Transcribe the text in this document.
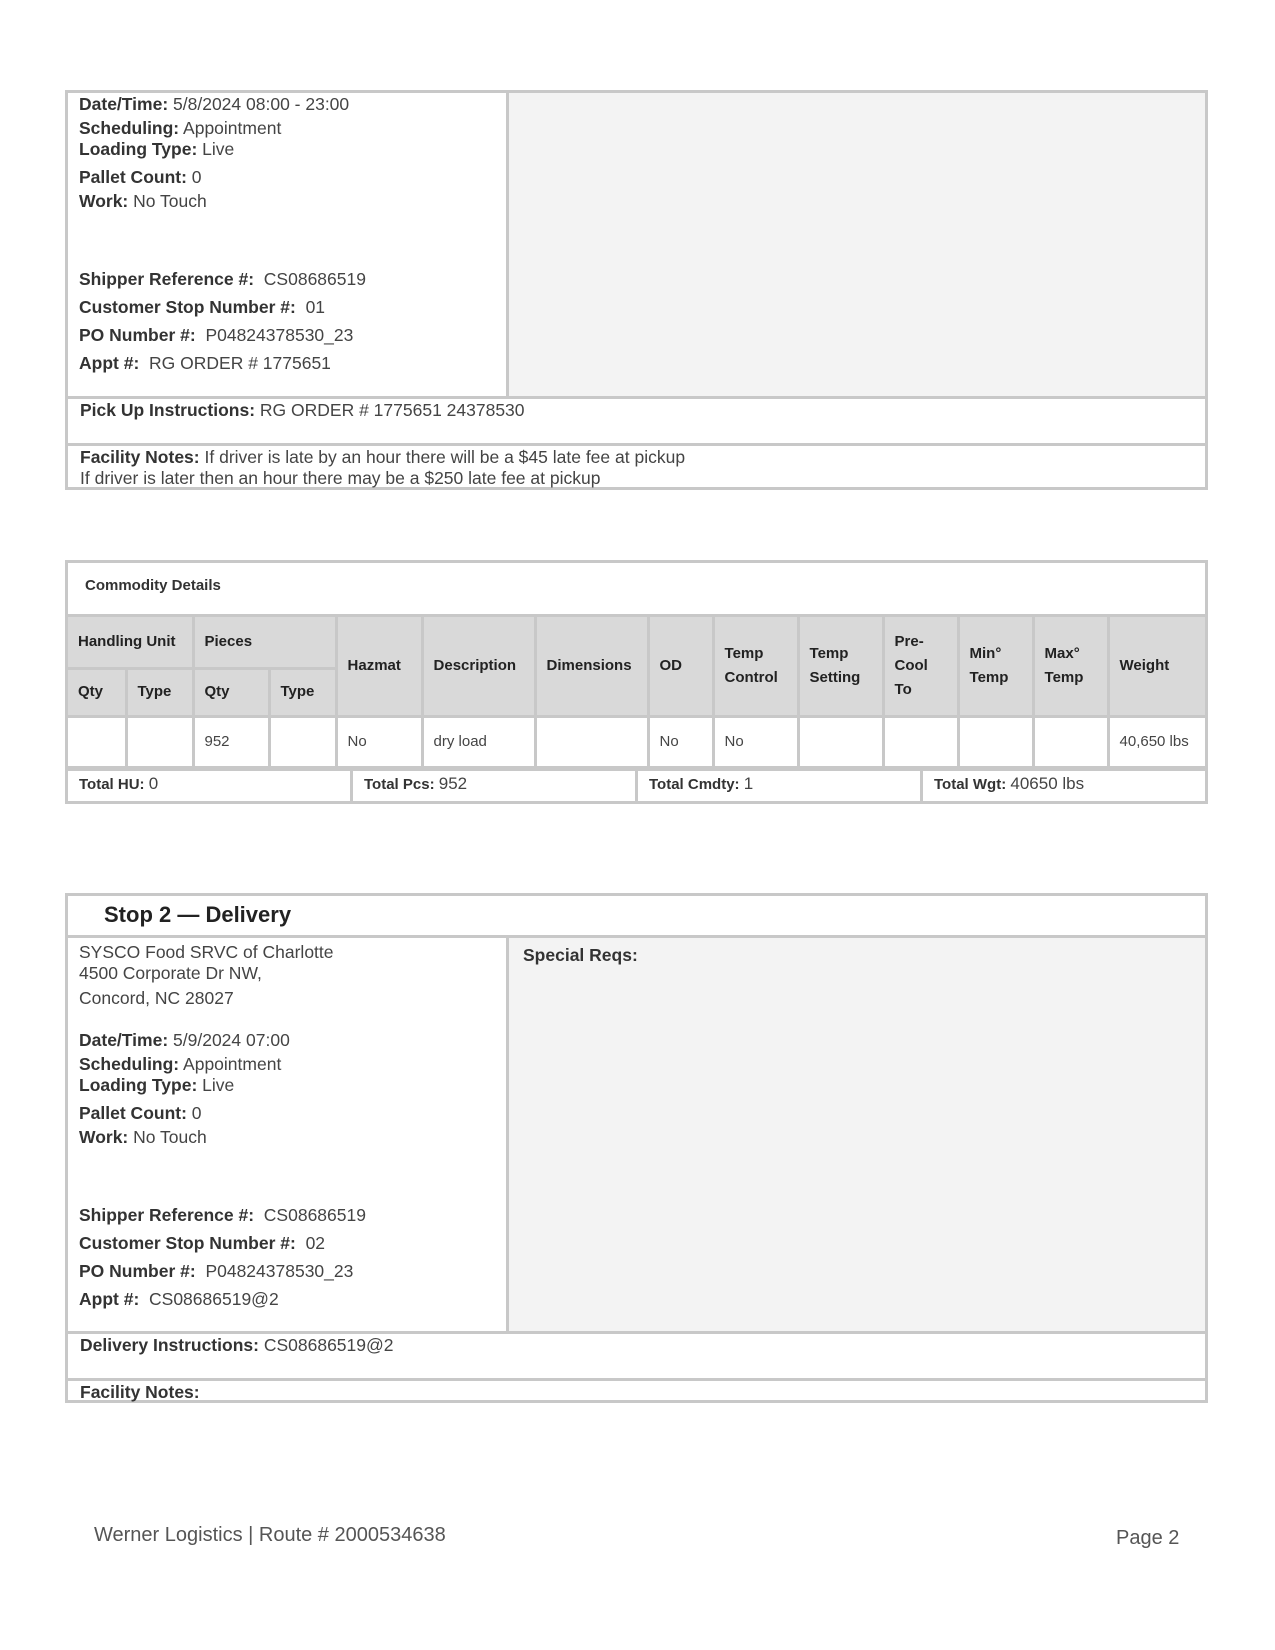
Date/Time: 5/8/2024 08:00 - 23:00
Scheduling: Appointment
Loading Type: Live
Pallet Count: 0
Work: No Touch
Shipper Reference #: CS08686519
Customer Stop Number #: 01
PO Number #: P04824378530_23
Appt #: RG ORDER # 1775651
Pick Up Instructions: RG ORDER # 1775651 24378530
Facility Notes: If driver is late by an hour there will be a $45 late fee at pickup
If driver is later then an hour there may be a $250 late fee at pickup
Commodity Details
Handling Unit		Pieces		Hazmat	Description	Dimensions	OD	Temp Control	Temp Setting	Pre-Cool To	Min° Temp	Max° Temp	Weight
Qty	Type	Qty	Type										
		952		No	dry load		No	No					40,650 lbs
Total HU: 0	Total Pcs: 952	Total Cmdty: 1	Total Wgt: 40650 lbs
Stop 2 — Delivery
SYSCO Food SRVC of Charlotte
4500 Corporate Dr NW,
Concord, NC 28027
Date/Time: 5/9/2024 07:00
Scheduling: Appointment
Loading Type: Live
Pallet Count: 0
Work: No Touch
Shipper Reference #: CS08686519
Customer Stop Number #: 02
PO Number #: P04824378530_23
Appt #: CS08686519@2
Special Reqs:
Delivery Instructions: CS08686519@2
Facility Notes:
Werner Logistics | Route # 2000534638	Page 2
